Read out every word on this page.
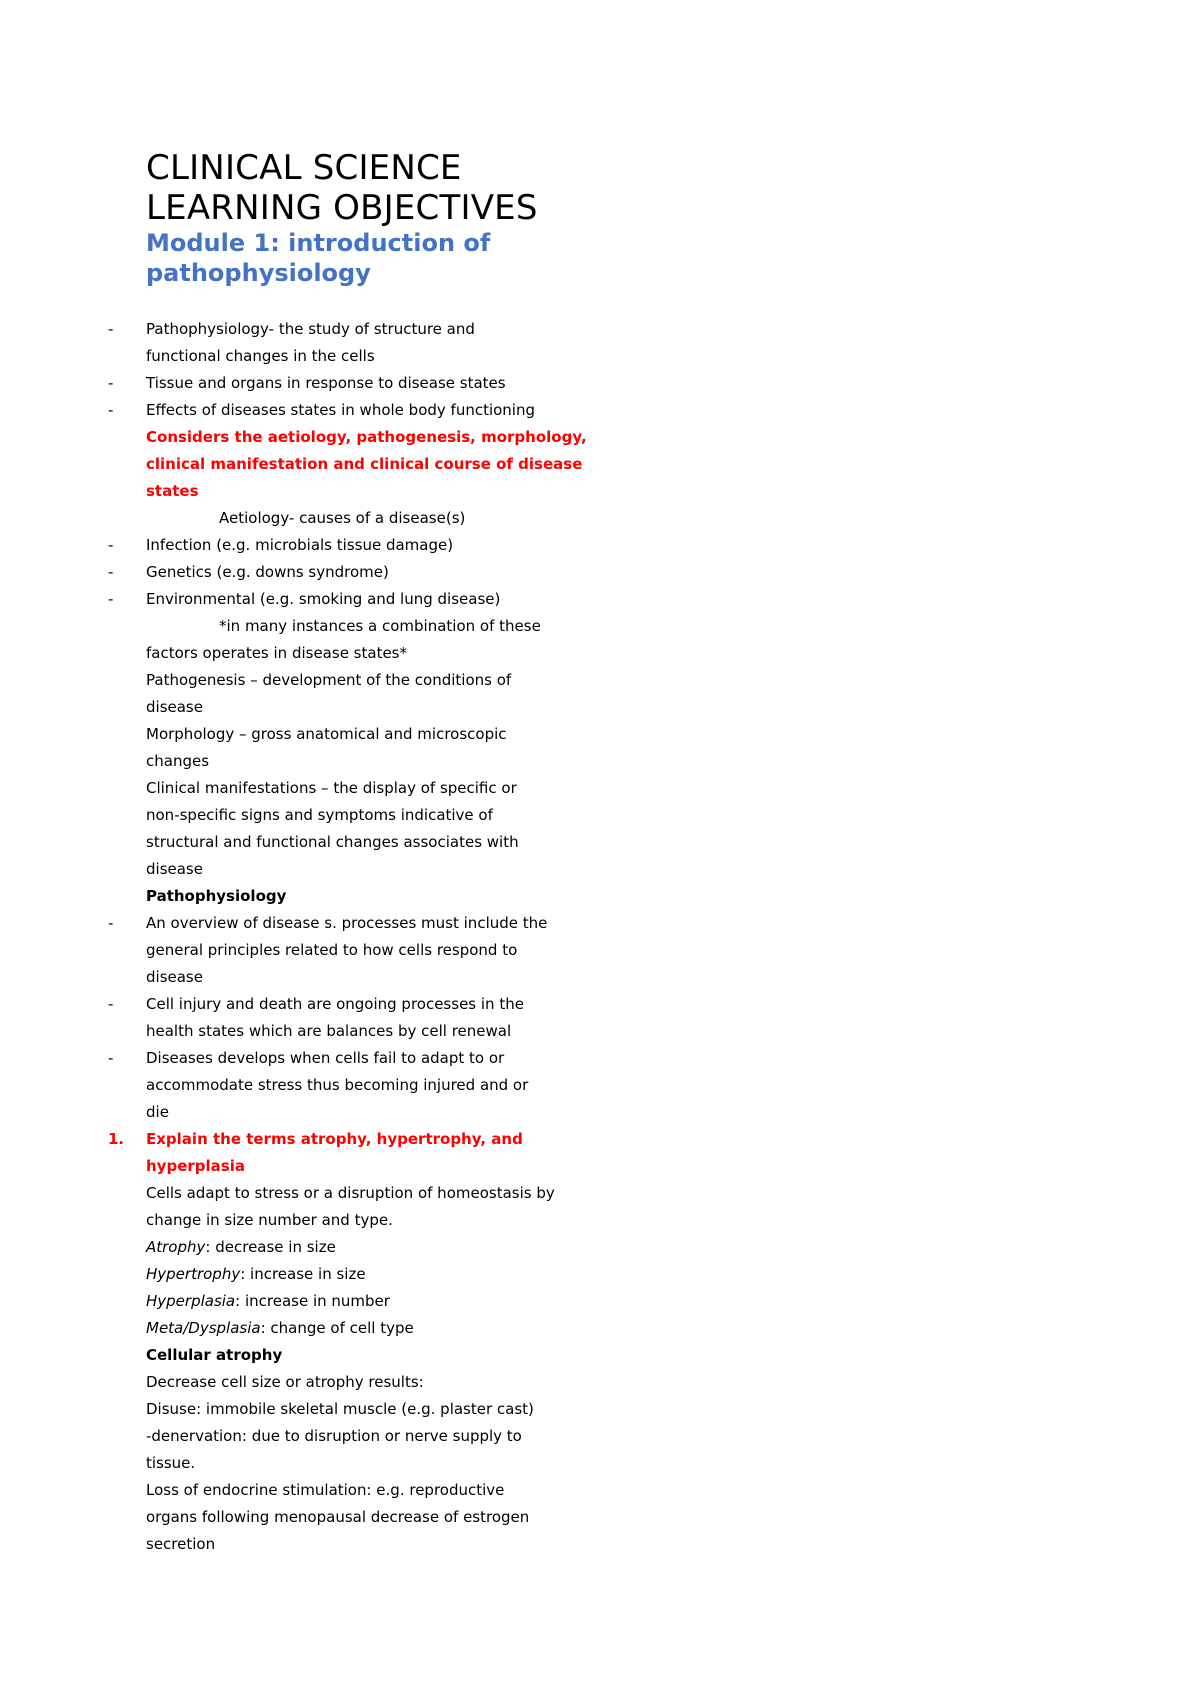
CLINICAL SCIENCE
LEARNING OBJECTIVES
Module 1: introduction of
pathophysiology
-	Pathophysiology- the study of structure and
functional changes in the cells
-	Tissue and organs in response to disease states
-	Effects of diseases states in whole body functioning
Considers the aetiology, pathogenesis, morphology,
clinical manifestation and clinical course of disease
states
Aetiology- causes of a disease(s)
-	Infection (e.g. microbials tissue damage)
-	Genetics (e.g. downs syndrome)
-	Environmental (e.g. smoking and lung disease)
*in many instances a combination of these
factors operates in disease states*
Pathogenesis – development of the conditions of
disease
Morphology – gross anatomical and microscopic
changes
Clinical manifestations – the display of specific or
non-specific signs and symptoms indicative of
structural and functional changes associates with
disease
Pathophysiology
-	An overview of disease s. processes must include the
general principles related to how cells respond to
disease
-	Cell injury and death are ongoing processes in the
health states which are balances by cell renewal
-	Diseases develops when cells fail to adapt to or
accommodate stress thus becoming injured and or
die
1.	Explain the terms atrophy, hypertrophy, and
hyperplasia
Cells adapt to stress or a disruption of homeostasis by
change in size number and type.
Atrophy: decrease in size
Hypertrophy: increase in size
Hyperplasia: increase in number
Meta/Dysplasia: change of cell type
Cellular atrophy
Decrease cell size or atrophy results:
Disuse: immobile skeletal muscle (e.g. plaster cast)
-denervation: due to disruption or nerve supply to
tissue.
Loss of endocrine stimulation: e.g. reproductive
organs following menopausal decrease of estrogen
secretion
